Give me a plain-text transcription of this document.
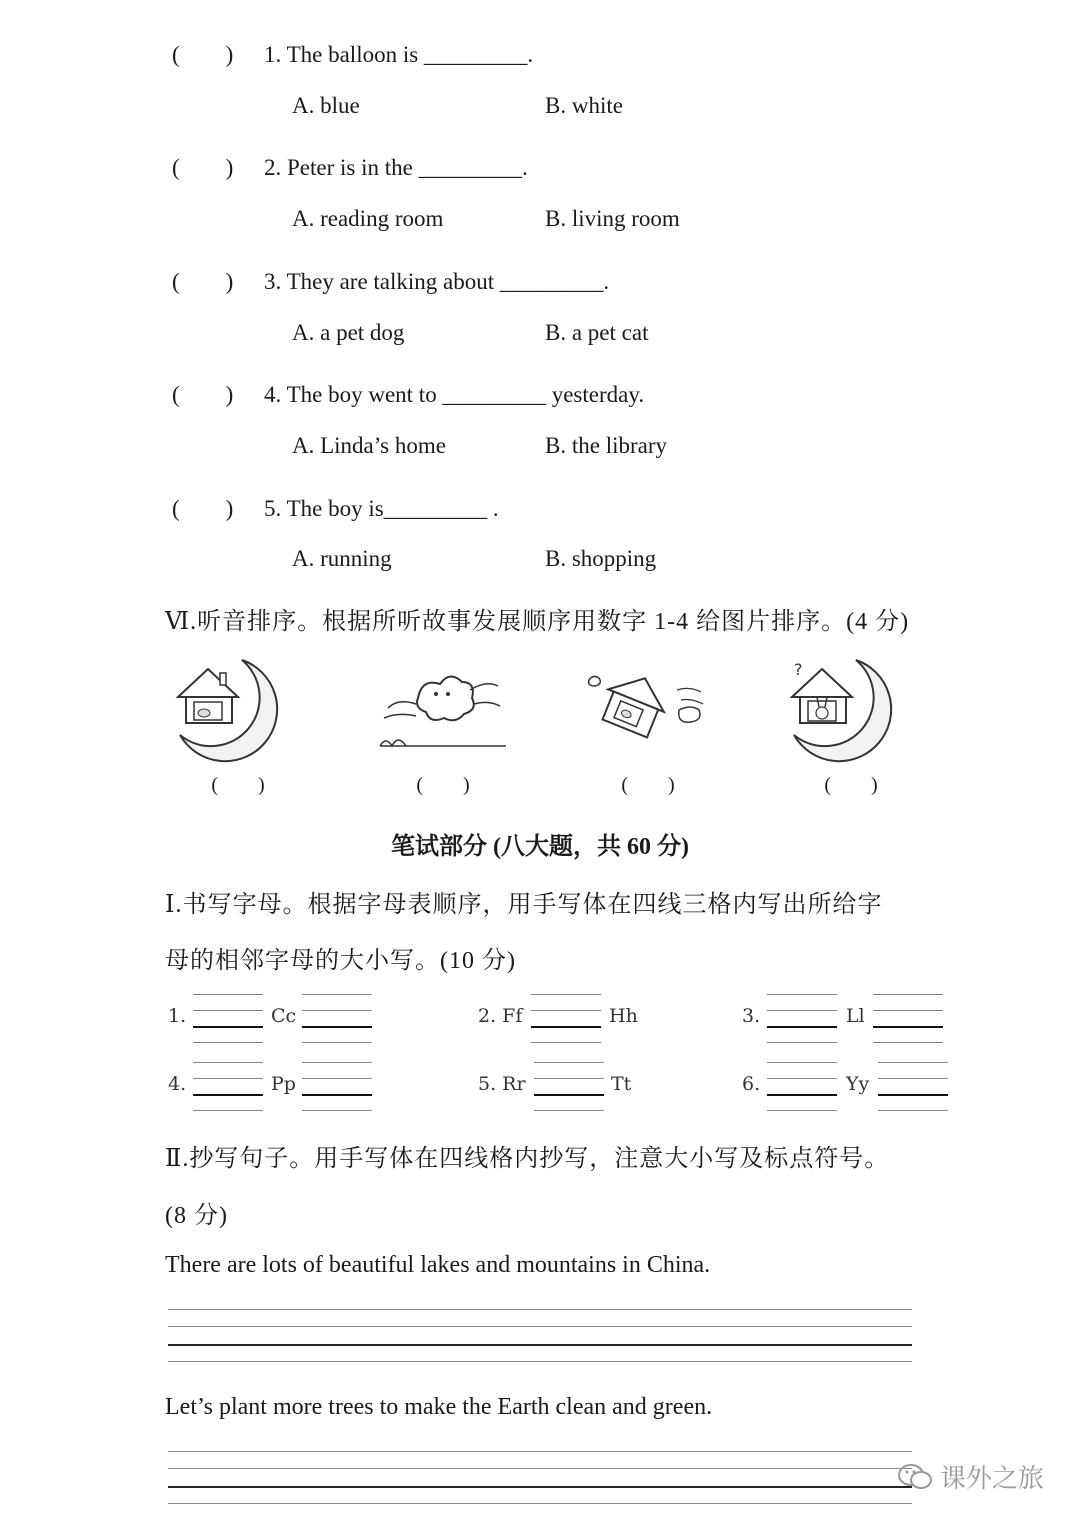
(　　) 1. The balloon is _________.
A. blue	B. white
(　　) 2. Peter is in the _________.
A. reading room	B. living room
(　　) 3. They are talking about _________.
A. a pet dog	B. a pet cat
(　　) 4. The boy went to _________ yesterday.
A. Linda’s home	B. the library
(　　) 5. The boy is_________ .
A. running	B. shopping
Ⅵ.听音排序。根据所听故事发展顺序用数字 1-4 给图片排序。(4 分)
?
(　　)	(　　)	(　　)	(　　)
笔试部分 (八大题，共 60 分)
Ⅰ.书写字母。根据字母表顺序，用手写体在四线三格内写出所给字
母的相邻字母的大小写。(10 分)
1.	Cc	2. Ff	Hh	3.	Ll
4.	Pp	5. Rr	Tt	6.	Yy
Ⅱ.抄写句子。用手写体在四线格内抄写，注意大小写及标点符号。
(8 分)
There are lots of beautiful lakes and mountains in China.
Let’s plant more trees to make the Earth clean and green.
课外之旅
